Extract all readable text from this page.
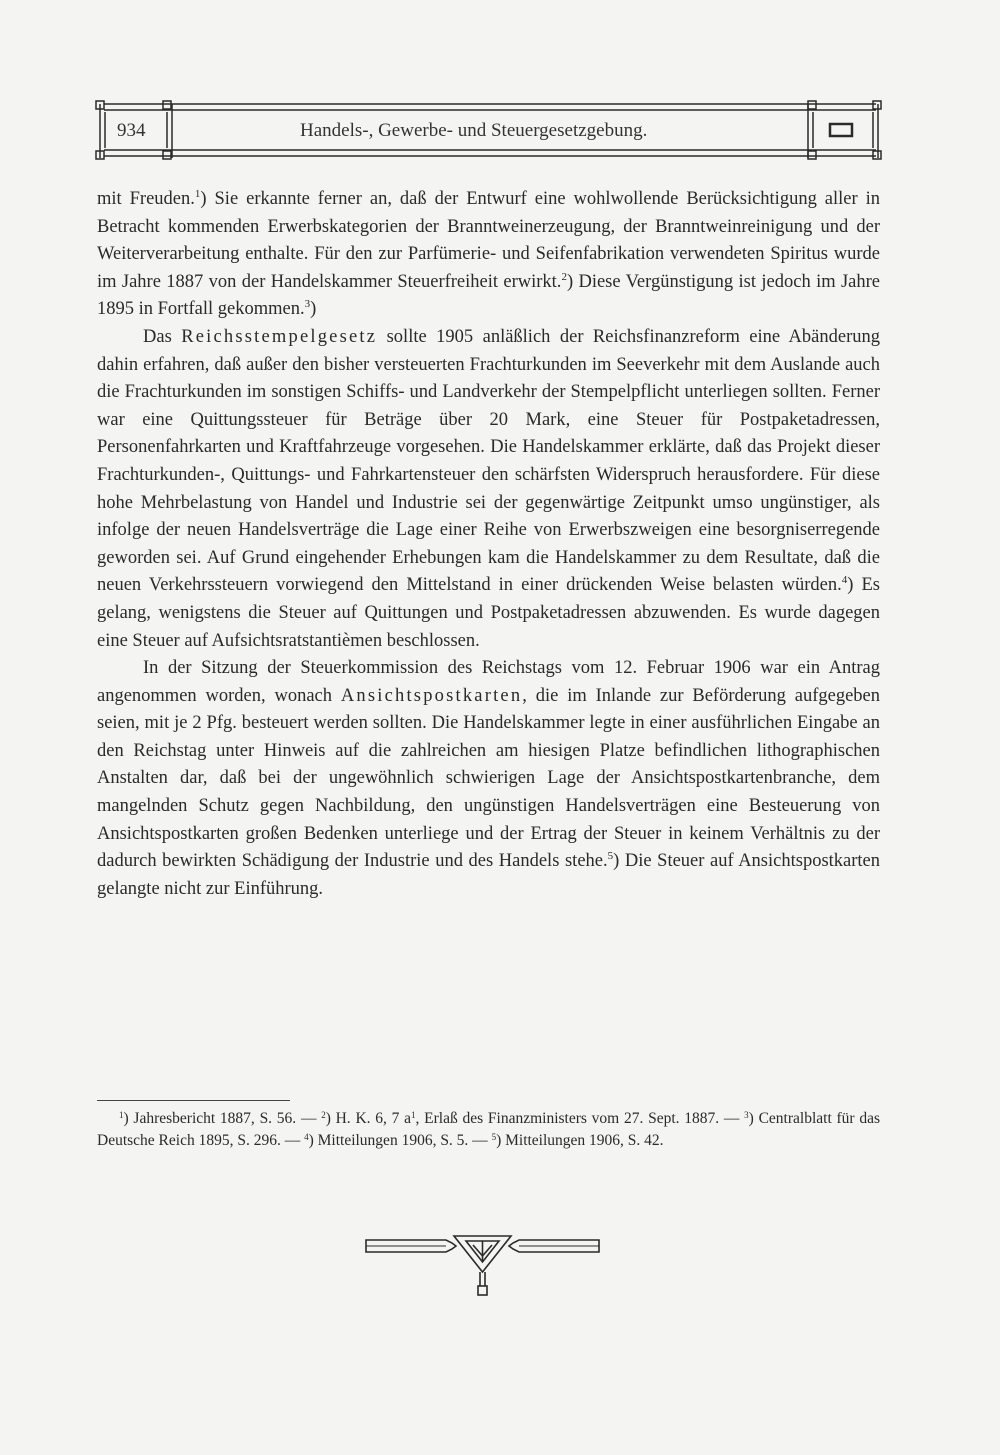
934	Handels-, Gewerbe- und Steuergesetzgebung.

mit Freuden.$^1$) Sie erkannte ferner an, daß der Entwurf eine wohlwollende Berücksichtigung aller in Betracht kommenden Erwerbskategorien der Branntweinerzeugung, der Branntweinreinigung und der Weiterverarbeitung enthalte. Für den zur Parfümerie- und Seifenfabrikation verwendeten Spiritus wurde im Jahre 1887 von der Handelskammer Steuerfreiheit erwirkt.$^2$) Diese Vergünstigung ist jedoch im Jahre 1895 in Fortfall gekommen.$^3$)

Das Reichsstempelgesetz sollte 1905 anläßlich der Reichsfinanzreform eine Abänderung dahin erfahren, daß außer den bisher versteuerten Frachturkunden im Seeverkehr mit dem Auslande auch die Frachturkunden im sonstigen Schiffs- und Landverkehr der Stempelpflicht unterliegen sollten. Ferner war eine Quittungssteuer für Beträge über 20 Mark, eine Steuer für Postpaketadressen, Personenfahrkarten und Kraftfahrzeuge vorgesehen. Die Handelskammer erklärte, daß das Projekt dieser Frachturkunden-, Quittungs- und Fahrkartensteuer den schärfsten Widerspruch herausfordere. Für diese hohe Mehrbelastung von Handel und Industrie sei der gegenwärtige Zeitpunkt umso ungünstiger, als infolge der neuen Handelsverträge die Lage einer Reihe von Erwerbszweigen eine besorgniserregende geworden sei. Auf Grund eingehender Erhebungen kam die Handelskammer zu dem Resultate, daß die neuen Verkehrssteuern vorwiegend den Mittelstand in einer drückenden Weise belasten würden.$^4$) Es gelang, wenigstens die Steuer auf Quittungen und Postpaketadressen abzuwenden. Es wurde dagegen eine Steuer auf Aufsichtsratstantièmen beschlossen.

In der Sitzung der Steuerkommission des Reichstags vom 12. Februar 1906 war ein Antrag angenommen worden, wonach Ansichtspostkarten, die im Inlande zur Beförderung aufgegeben seien, mit je 2 Pfg. besteuert werden sollten. Die Handelskammer legte in einer ausführlichen Eingabe an den Reichstag unter Hinweis auf die zahlreichen am hiesigen Platze befindlichen lithographischen Anstalten dar, daß bei der ungewöhnlich schwierigen Lage der Ansichtspostkartenbranche, dem mangelnden Schutz gegen Nachbildung, den ungünstigen Handelsverträgen eine Besteuerung von Ansichtspostkarten großen Bedenken unterliege und der Ertrag der Steuer in keinem Verhältnis zu der dadurch bewirkten Schädigung der Industrie und des Handels stehe.$^5$) Die Steuer auf Ansichtspostkarten gelangte nicht zur Einführung.

$^1$) Jahresbericht 1887, S. 56. — $^2$) H. K. 6, 7 $a^1$, Erlaß des Finanzministers vom 27. Sept. 1887. — $^3$) Centralblatt für das Deutsche Reich 1895, S. 296. — $^4$) Mitteilungen 1906, S. 5. — $^5$) Mitteilungen 1906, S. 42.
